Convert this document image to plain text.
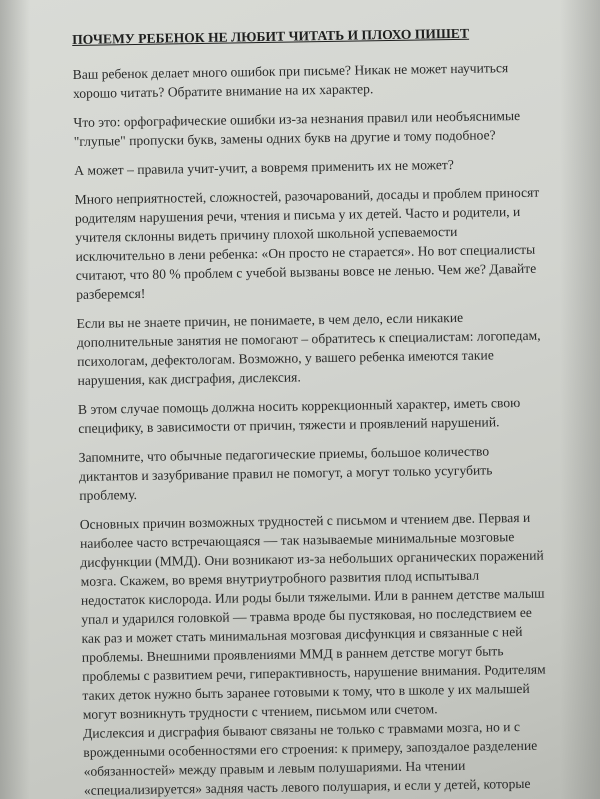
ПОЧЕМУ РЕБЕНОК НЕ ЛЮБИТ ЧИТАТЬ И ПЛОХО ПИШЕТ
Ваш ребенок делает много ошибок при письме? Никак не может научиться
хорошо читать? Обратите внимание на их характер.
Что это: орфографические ошибки из-за незнания правил или необъяснимые
"глупые" пропуски букв, замены одних букв на другие и тому подобное?
А может – правила учит-учит, а вовремя применить их не может?
Много неприятностей, сложностей, разочарований, досады и проблем приносят
родителям нарушения речи, чтения и письма у их детей. Часто и родители, и
учителя склонны видеть причину плохой школьной успеваемости
исключительно в лени ребенка: «Он просто не старается». Но вот специалисты
считают, что 80 % проблем с учебой вызваны вовсе не ленью. Чем же? Давайте
разберемся!
Если вы не знаете причин, не понимаете, в чем дело, если никакие
дополнительные занятия не помогают – обратитесь к специалистам: логопедам,
психологам, дефектологам. Возможно, у вашего ребенка имеются такие
нарушения, как дисграфия, дислексия.
В этом случае помощь должна носить коррекционный характер, иметь свою
специфику, в зависимости от причин, тяжести и проявлений нарушений.
Запомните, что обычные педагогические приемы, большое количество
диктантов и зазубривание правил не помогут, а могут только усугубить
проблему.
Основных причин возможных трудностей с письмом и чтением две. Первая и
наиболее часто встречающаяся — так называемые минимальные мозговые
дисфункции (ММД). Они возникают из-за небольших органических поражений
мозга. Скажем, во время внутриутробного развития плод испытывал
недостаток кислорода. Или роды были тяжелыми. Или в раннем детстве малыш
упал и ударился головкой — травма вроде бы пустяковая, но последствием ее
как раз и может стать минимальная мозговая дисфункция и связанные с ней
проблемы. Внешними проявлениями ММД в раннем детстве могут быть
проблемы с развитием речи, гиперактивность, нарушение внимания. Родителям
таких деток нужно быть заранее готовыми к тому, что в школе у их малышей
могут возникнуть трудности с чтением, письмом или счетом.
Дислексия и дисграфия бывают связаны не только с травмами мозга, но и с
врожденными особенностями его строения: к примеру, запоздалое разделение
«обязанностей» между правым и левым полушариями. На чтении
«специализируется» задняя часть левого полушария, и если у детей, которые
